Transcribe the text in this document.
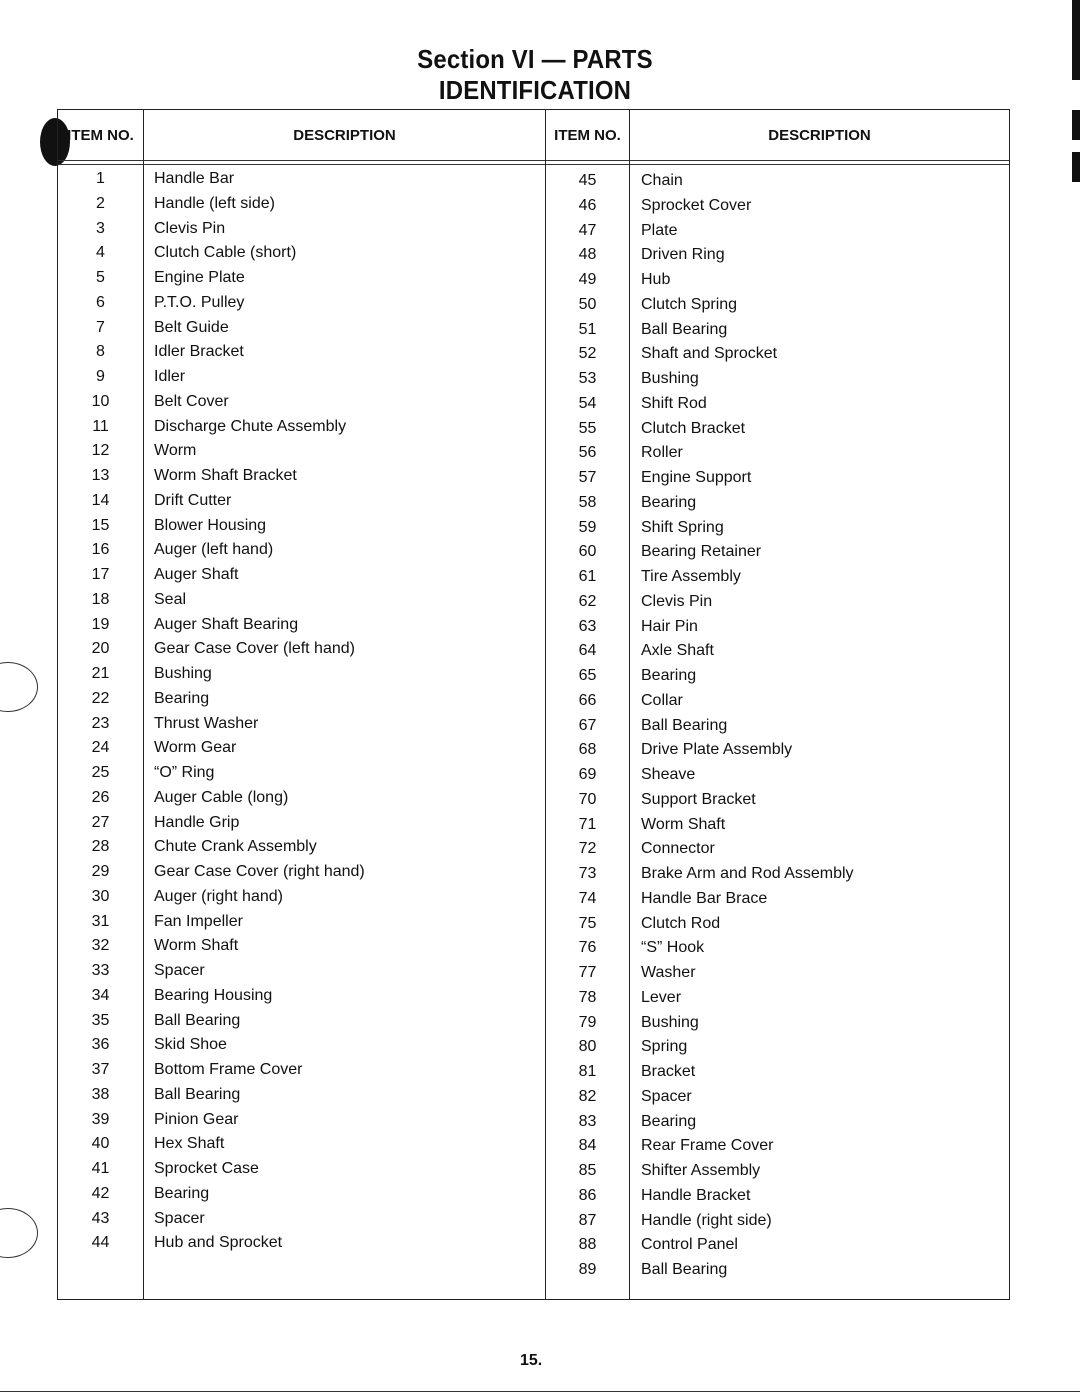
Section VI — PARTS
IDENTIFICATION
ITEM NO.	DESCRIPTION
1	Handle Bar
2	Handle (left side)
3	Clevis Pin
4	Clutch Cable (short)
5	Engine Plate
6	P.T.O. Pulley
7	Belt Guide
8	Idler Bracket
9	Idler
10	Belt Cover
11	Discharge Chute Assembly
12	Worm
13	Worm Shaft Bracket
14	Drift Cutter
15	Blower Housing
16	Auger (left hand)
17	Auger Shaft
18	Seal
19	Auger Shaft Bearing
20	Gear Case Cover (left hand)
21	Bushing
22	Bearing
23	Thrust Washer
24	Worm Gear
25	“O” Ring
26	Auger Cable (long)
27	Handle Grip
28	Chute Crank Assembly
29	Gear Case Cover (right hand)
30	Auger (right hand)
31	Fan Impeller
32	Worm Shaft
33	Spacer
34	Bearing Housing
35	Ball Bearing
36	Skid Shoe
37	Bottom Frame Cover
38	Ball Bearing
39	Pinion Gear
40	Hex Shaft
41	Sprocket Case
42	Bearing
43	Spacer
44	Hub and Sprocket
ITEM NO.	DESCRIPTION
45	Chain
46	Sprocket Cover
47	Plate
48	Driven Ring
49	Hub
50	Clutch Spring
51	Ball Bearing
52	Shaft and Sprocket
53	Bushing
54	Shift Rod
55	Clutch Bracket
56	Roller
57	Engine Support
58	Bearing
59	Shift Spring
60	Bearing Retainer
61	Tire Assembly
62	Clevis Pin
63	Hair Pin
64	Axle Shaft
65	Bearing
66	Collar
67	Ball Bearing
68	Drive Plate Assembly
69	Sheave
70	Support Bracket
71	Worm Shaft
72	Connector
73	Brake Arm and Rod Assembly
74	Handle Bar Brace
75	Clutch Rod
76	“S” Hook
77	Washer
78	Lever
79	Bushing
80	Spring
81	Bracket
82	Spacer
83	Bearing
84	Rear Frame Cover
85	Shifter Assembly
86	Handle Bracket
87	Handle (right side)
88	Control Panel
89	Ball Bearing
15.
